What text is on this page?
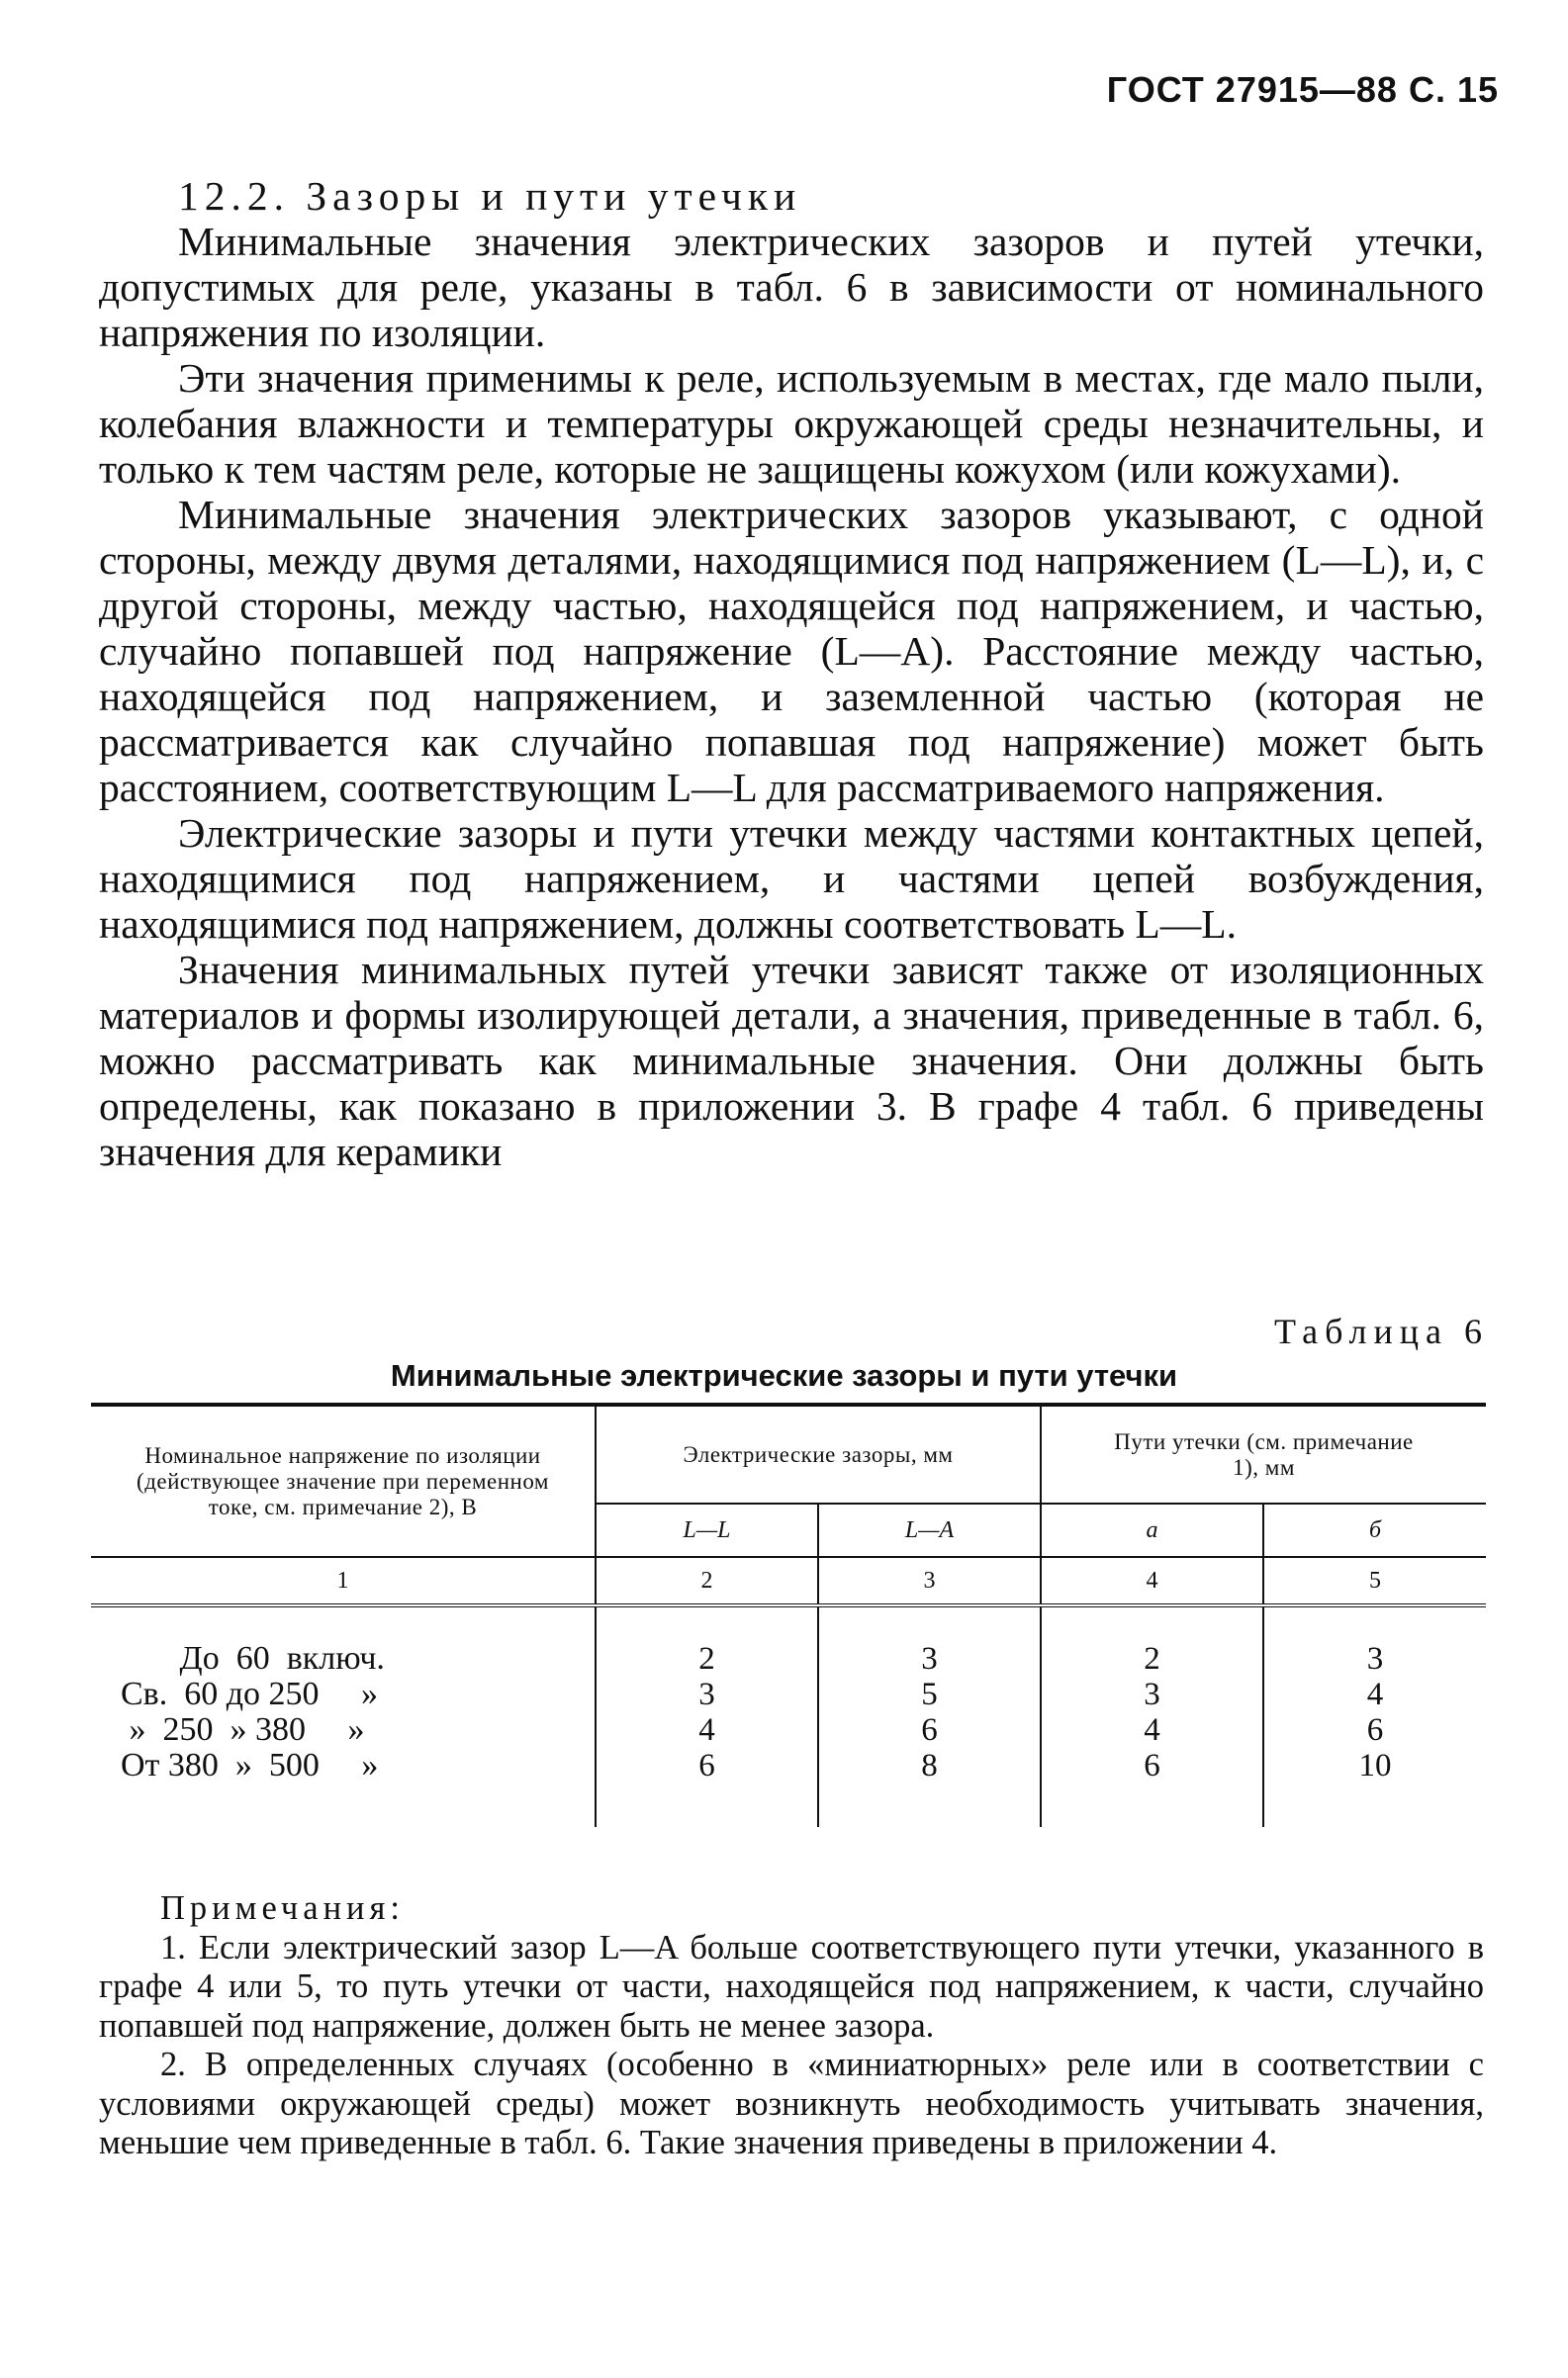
ГОСТ 27915—88 С. 15

12.2. Зазоры и пути утечки

Минимальные значения электрических зазоров и путей утечки, допустимых для реле, указаны в табл. 6 в зависимости от номинального напряжения по изоляции.

Эти значения применимы к реле, используемым в местах, где мало пыли, колебания влажности и температуры окружающей среды незначительны, и только к тем частям реле, которые не защищены кожухом (или кожухами).

Минимальные значения электрических зазоров указывают, с одной стороны, между двумя деталями, находящимися под напряжением (L—L), и, с другой стороны, между частью, находящейся под напряжением, и частью, случайно попавшей под напряжение (L—A). Расстояние между частью, находящейся под напряжением, и заземленной частью (которая не рассматривается как случайно попавшая под напряжение) может быть расстоянием, соответствующим L—L для рассматриваемого напряжения.

Электрические зазоры и пути утечки между частями контактных цепей, находящимися под напряжением, и частями цепей возбуждения, находящимися под напряжением, должны соответствовать L—L.

Значения минимальных путей утечки зависят также от изоляционных материалов и формы изолирующей детали, а значения, приведенные в табл. 6, можно рассматривать как минимальные значения. Они должны быть определены, как показано в приложении 3. В графе 4 табл. 6 приведены значения для керамики

Таблица 6
Минимальные электрические зазоры и пути утечки
Номинальное напряжение по изоляции (действующее значение при переменном токе, см. примечание 2), В	Электрические зазоры, мм		Пути утечки (см. примечание 1), мм	
	L—L	L—A	a	б
1	2	3	4	5
До  60  включ.	2	3	2	3
Св.  60 до 250     »	3	5	3	4
»  250  » 380     »	4	6	4	6
От 380  »  500     »	6	8	6	10

Примечания:

1. Если электрический зазор L—A больше соответствующего пути утечки, указанного в графе 4 или 5, то путь утечки от части, находящейся под напряжением, к части, случайно попавшей под напряжение, должен быть не менее зазора.

2. В определенных случаях (особенно в «миниатюрных» реле или в соответствии с условиями окружающей среды) может возникнуть необходимость учитывать значения, меньшие чем приведенные в табл. 6. Такие значения приведены в приложении 4.
